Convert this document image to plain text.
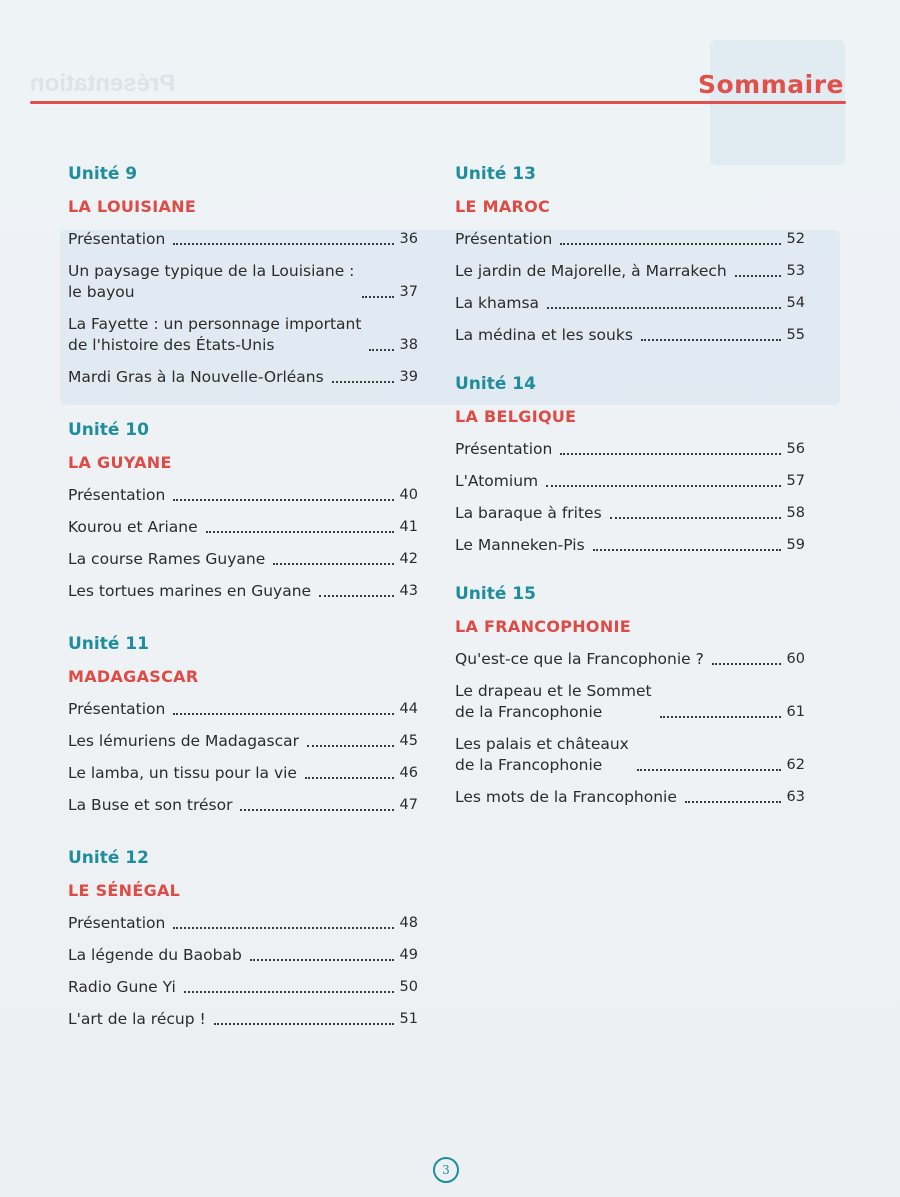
Présentation	Sommaire
Unité 9
LA LOUISIANE
Présentation	36
Un paysage typique de la Louisiane :
le bayou	37
La Fayette : un personnage important
de l'histoire des États-Unis	38
Mardi Gras à la Nouvelle-Orléans	39
Unité 10
LA GUYANE
Présentation	40
Kourou et Ariane	41
La course Rames Guyane	42
Les tortues marines en Guyane	43
Unité 11
MADAGASCAR
Présentation	44
Les lémuriens de Madagascar	45
Le lamba, un tissu pour la vie	46
La Buse et son trésor	47
Unité 12
LE SÉNÉGAL
Présentation	48
La légende du Baobab	49
Radio Gune Yi	50
L'art de la récup !	51
Unité 13
LE MAROC
Présentation	52
Le jardin de Majorelle, à Marrakech	53
La khamsa	54
La médina et les souks	55
Unité 14
LA BELGIQUE
Présentation	56
L'Atomium	57
La baraque à frites	58
Le Manneken-Pis	59
Unité 15
LA FRANCOPHONIE
Qu'est-ce que la Francophonie ?	60
Le drapeau et le Sommet
de la Francophonie	61
Les palais et châteaux
de la Francophonie	62
Les mots de la Francophonie	63
3
